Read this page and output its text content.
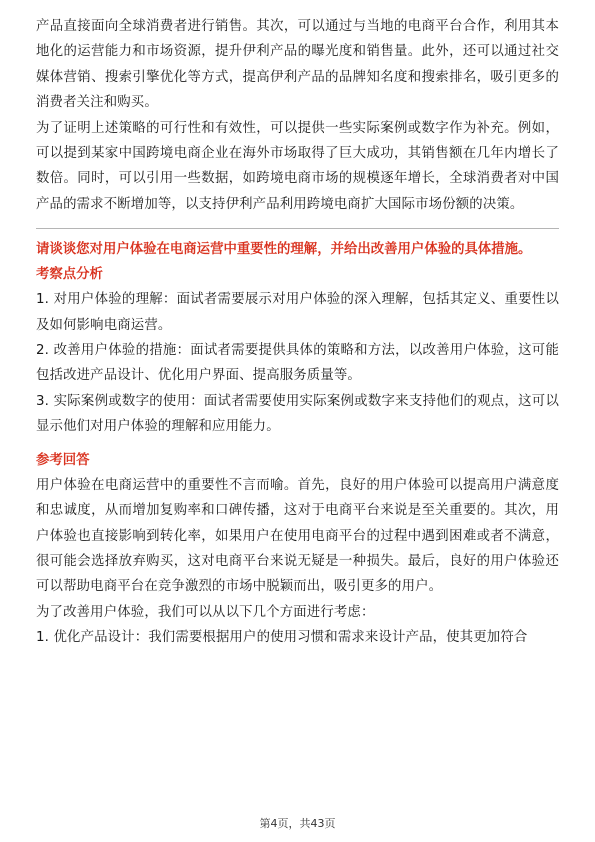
产品直接面向全球消费者进行销售。其次，可以通过与当地的电商平台合作，利用其本地化的运营能力和市场资源，提升伊利产品的曝光度和销售量。此外，还可以通过社交媒体营销、搜索引擎优化等方式，提高伊利产品的品牌知名度和搜索排名，吸引更多的消费者关注和购买。

为了证明上述策略的可行性和有效性，可以提供一些实际案例或数字作为补充。例如，可以提到某家中国跨境电商企业在海外市场取得了巨大成功，其销售额在几年内增长了数倍。同时，可以引用一些数据，如跨境电商市场的规模逐年增长，全球消费者对中国产品的需求不断增加等，以支持伊利产品利用跨境电商扩大国际市场份额的决策。

请谈谈您对用户体验在电商运营中重要性的理解，并给出改善用户体验的具体措施。

考察点分析

1. 对用户体验的理解：面试者需要展示对用户体验的深入理解，包括其定义、重要性以及如何影响电商运营。

2. 改善用户体验的措施：面试者需要提供具体的策略和方法，以改善用户体验，这可能包括改进产品设计、优化用户界面、提高服务质量等。

3. 实际案例或数字的使用：面试者需要使用实际案例或数字来支持他们的观点，这可以显示他们对用户体验的理解和应用能力。

参考回答

用户体验在电商运营中的重要性不言而喻。首先，良好的用户体验可以提高用户满意度和忠诚度，从而增加复购率和口碑传播，这对于电商平台来说是至关重要的。其次，用户体验也直接影响到转化率，如果用户在使用电商平台的过程中遇到困难或者不满意，很可能会选择放弃购买，这对电商平台来说无疑是一种损失。最后，良好的用户体验还可以帮助电商平台在竞争激烈的市场中脱颖而出，吸引更多的用户。

为了改善用户体验，我们可以从以下几个方面进行考虑：

1. 优化产品设计：我们需要根据用户的使用习惯和需求来设计产品，使其更加符合

第4页，共43页
